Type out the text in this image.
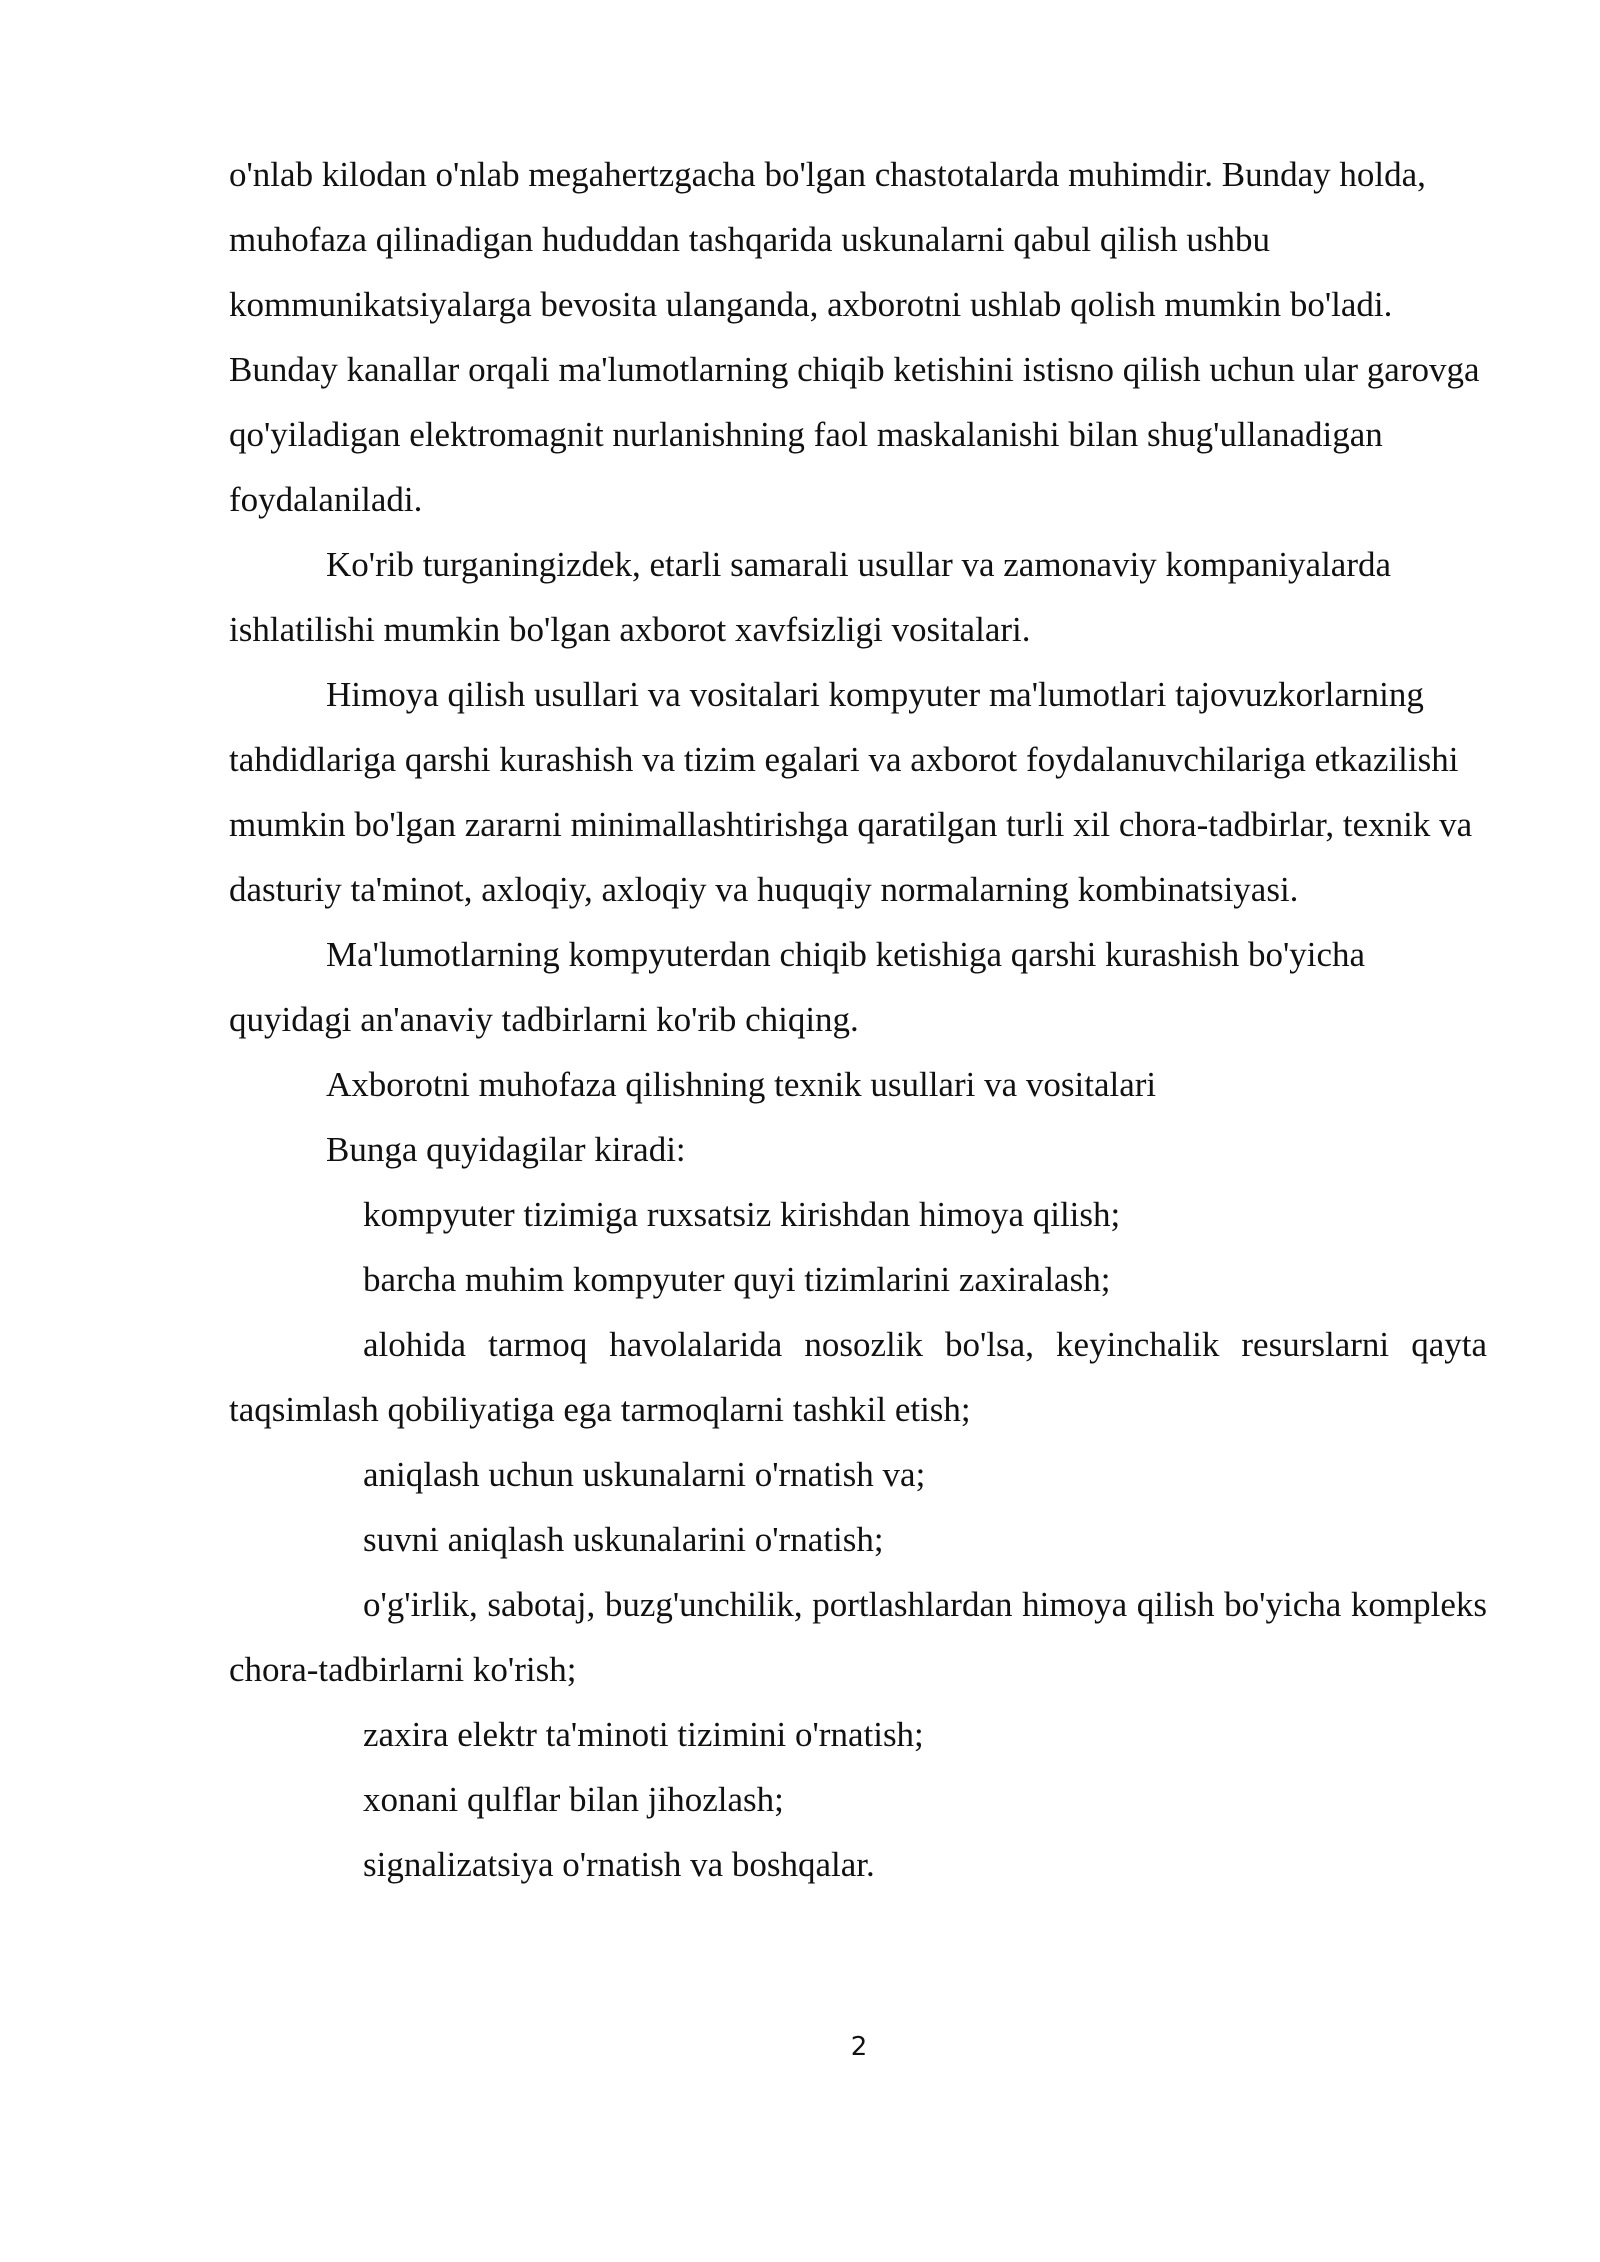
o'nlab kilodan o'nlab megahertzgacha bo'lgan chastotalarda muhimdir. Bunday holda, muhofaza qilinadigan hududdan tashqarida uskunalarni qabul qilish ushbu kommunikatsiyalarga bevosita ulanganda, axborotni ushlab qolish mumkin bo'ladi. Bunday kanallar orqali ma'lumotlarning chiqib ketishini istisno qilish uchun ular garovga qo'yiladigan elektromagnit nurlanishning faol maskalanishi bilan shug'ullanadigan foydalaniladi.

Ko'rib turganingizdek, etarli samarali usullar va zamonaviy kompaniyalarda ishlatilishi mumkin bo'lgan axborot xavfsizligi vositalari.

Himoya qilish usullari va vositalari kompyuter ma'lumotlari tajovuzkorlarning tahdidlariga qarshi kurashish va tizim egalari va axborot foydalanuvchilariga etkazilishi mumkin bo'lgan zararni minimallashtirishga qaratilgan turli xil chora-tadbirlar, texnik va dasturiy ta'minot, axloqiy, axloqiy va huquqiy normalarning kombinatsiyasi.

Ma'lumotlarning kompyuterdan chiqib ketishiga qarshi kurashish bo'yicha quyidagi an'anaviy tadbirlarni ko'rib chiqing.

Axborotni muhofaza qilishning texnik usullari va vositalari

Bunga quyidagilar kiradi:

kompyuter tizimiga ruxsatsiz kirishdan himoya qilish;

barcha muhim kompyuter quyi tizimlarini zaxiralash;

alohida tarmoq havolalarida nosozlik bo'lsa, keyinchalik resurslarni qayta taqsimlash qobiliyatiga ega tarmoqlarni tashkil etish;

aniqlash uchun uskunalarni o'rnatish va;

suvni aniqlash uskunalarini o'rnatish;

o'g'irlik, sabotaj, buzg'unchilik, portlashlardan himoya qilish bo'yicha kompleks chora-tadbirlarni ko'rish;

zaxira elektr ta'minoti tizimini o'rnatish;

xonani qulflar bilan jihozlash;

signalizatsiya o'rnatish va boshqalar.

2
